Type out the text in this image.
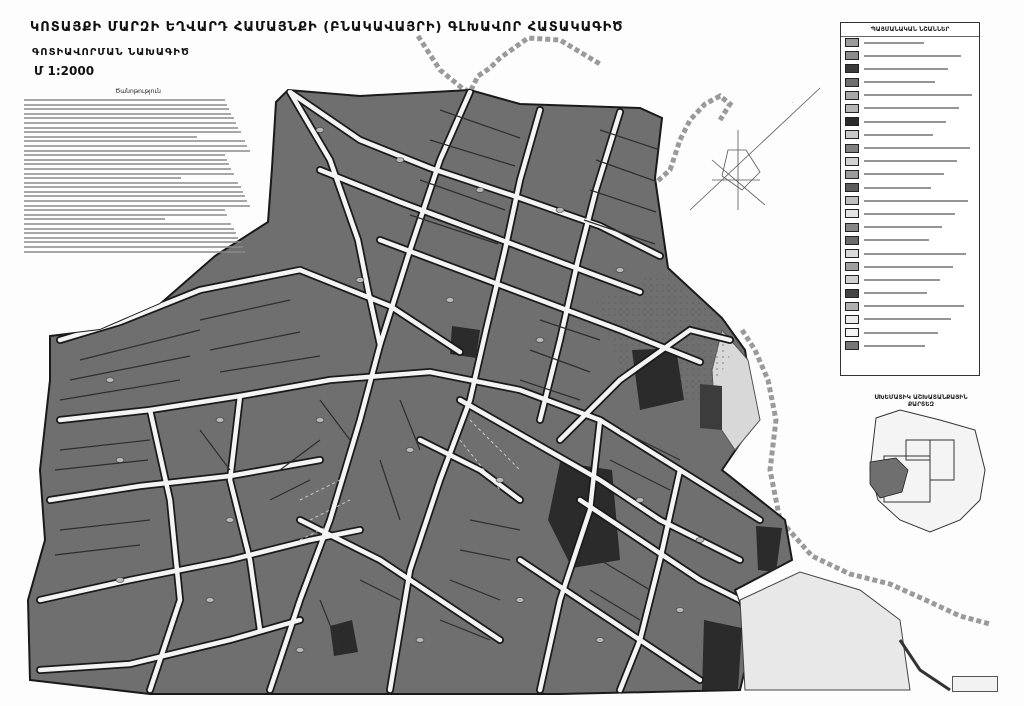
·
ԿՈՏԱՅՔԻ ՄԱՐԶԻ ԵՂՎԱՐԴ ՀԱՄԱՅՆՔԻ (ԲՆԱԿԱՎԱՅՐԻ) ԳԼԽԱՎՈՐ ՀԱՏԱԿԱԳԻԾ
ԳՈՏԻԱՎՈՐՄԱՆ ՆԱԽԱԳԻԾ
Մ 1:2000
Ծանոթություն
ՊԱՅՄԱՆԱԿԱՆ ՆՇԱՆՆԵՐ
ՍԽԵՄԱՏԻԿ ԱՇԽԱՏԱՆՔԱՅԻՆ ՔԱՐՏԵԶ
